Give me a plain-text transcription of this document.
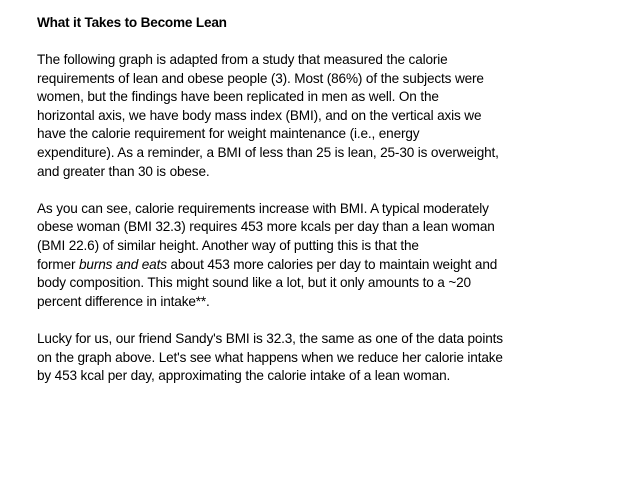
What it Takes to Become Lean
The following graph is adapted from a study that measured the calorie
requirements of lean and obese people (3). Most (86%) of the subjects were
women, but the findings have been replicated in men as well. On the
horizontal axis, we have body mass index (BMI), and on the vertical axis we
have the calorie requirement for weight maintenance (i.e., energy
expenditure). As a reminder, a BMI of less than 25 is lean, 25-30 is overweight,
and greater than 30 is obese.
As you can see, calorie requirements increase with BMI. A typical moderately
obese woman (BMI 32.3) requires 453 more kcals per day than a lean woman
(BMI 22.6) of similar height. Another way of putting this is that the
former burns and eats about 453 more calories per day to maintain weight and
body composition. This might sound like a lot, but it only amounts to a ~20
percent difference in intake**.
Lucky for us, our friend Sandy's BMI is 32.3, the same as one of the data points
on the graph above. Let's see what happens when we reduce her calorie intake
by 453 kcal per day, approximating the calorie intake of a lean woman.
